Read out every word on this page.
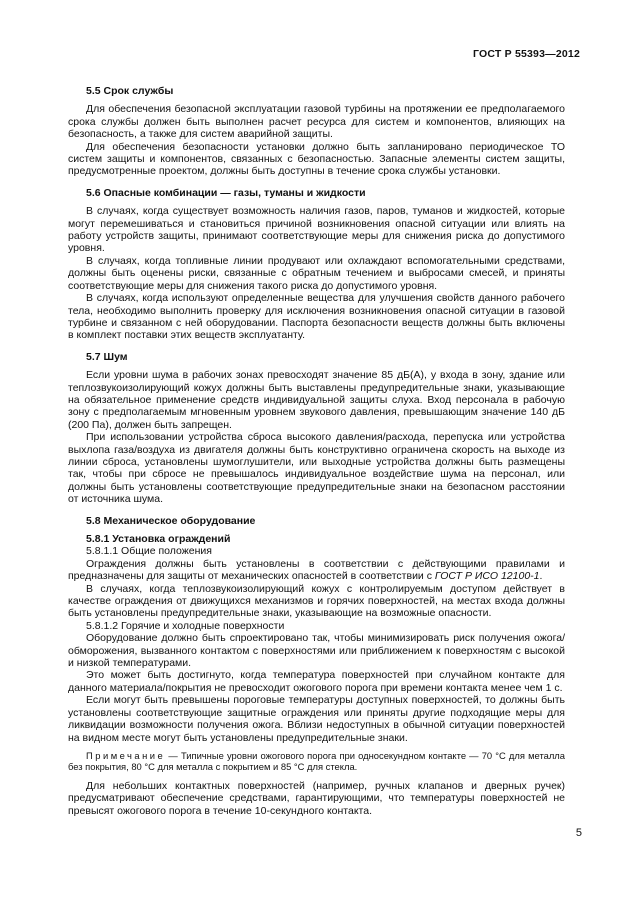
ГОСТ Р 55393—2012
5.5 Срок службы

Для обеспечения безопасной эксплуатации газовой турбины на протяжении ее предполагаемого срока службы должен быть выполнен расчет ресурса для систем и компонентов, влияющих на безопасность, а также для систем аварийной защиты.

Для обеспечения безопасности установки должно быть запланировано периодическое ТО систем защиты и компонентов, связанных с безопасностью. Запасные элементы систем защиты, предусмотренные проектом, должны быть доступны в течение срока службы установки.

5.6 Опасные комбинации — газы, туманы и жидкости

В случаях, когда существует возможность наличия газов, паров, туманов и жидкостей, которые могут перемешиваться и становиться причиной возникновения опасной ситуации или влиять на работу устройств защиты, принимают соответствующие меры для снижения риска до допустимого уровня.

В случаях, когда топливные линии продувают или охлаждают вспомогательными средствами, должны быть оценены риски, связанные с обратным течением и выбросами смесей, и приняты соответствующие меры для снижения такого риска до допустимого уровня.

В случаях, когда используют определенные вещества для улучшения свойств данного рабочего тела, необходимо выполнить проверку для исключения возникновения опасной ситуации в газовой турбине и связанном с ней оборудовании. Паспорта безопасности веществ должны быть включены в комплект поставки этих веществ эксплуатанту.

5.7 Шум

Если уровни шума в рабочих зонах превосходят значение 85 дБ(А), у входа в зону, здание или теплозвукоизолирующий кожух должны быть выставлены предупредительные знаки, указывающие на обязательное применение средств индивидуальной защиты слуха. Вход персонала в рабочую зону с предполагаемым мгновенным уровнем звукового давления, превышающим значение 140 дБ (200 Па), должен быть запрещен.

При использовании устройства сброса высокого давления/расхода, перепуска или устройства выхлопа газа/воздуха из двигателя должны быть конструктивно ограничена скорость на выходе из линии сброса, установлены шумоглушители, или выходные устройства должны быть размещены так, чтобы при сбросе не превышалось индивидуальное воздействие шума на персонал, или должны быть установлены соответствующие предупредительные знаки на безопасном расстоянии от источника шума.

5.8 Механическое оборудование
5.8.1 Установка ограждений

5.8.1.1 Общие положения

Ограждения должны быть установлены в соответствии с действующими правилами и предназначены для защиты от механических опасностей в соответствии с ГОСТ Р ИСО 12100-1.

В случаях, когда теплозвукоизолирующий кожух с контролируемым доступом действует в качестве ограждения от движущихся механизмов и горячих поверхностей, на местах входа должны быть установлены предупредительные знаки, указывающие на возможные опасности.

5.8.1.2 Горячие и холодные поверхности

Оборудование должно быть спроектировано так, чтобы минимизировать риск получения ожога/обморожения, вызванного контактом с поверхностями или приближением к поверхностям с высокой и низкой температурами.

Это может быть достигнуто, когда температура поверхностей при случайном контакте для данного материала/покрытия не превосходит ожогового порога при времени контакта менее чем 1 с.

Если могут быть превышены пороговые температуры доступных поверхностей, то должны быть установлены соответствующие защитные ограждения или приняты другие подходящие меры для ликвидации возможности получения ожога. Вблизи недоступных в обычной ситуации поверхностей на видном месте могут быть установлены предупредительные знаки.

Примечание — Типичные уровни ожогового порога при односекундном контакте — 70 °С для металла без покрытия, 80 °С для металла с покрытием и 85 °С для стекла.

Для небольших контактных поверхностей (например, ручных клапанов и дверных ручек) предусматривают обеспечение средствами, гарантирующими, что температуры поверхностей не превысят ожогового порога в течение 10-секундного контакта.

5
